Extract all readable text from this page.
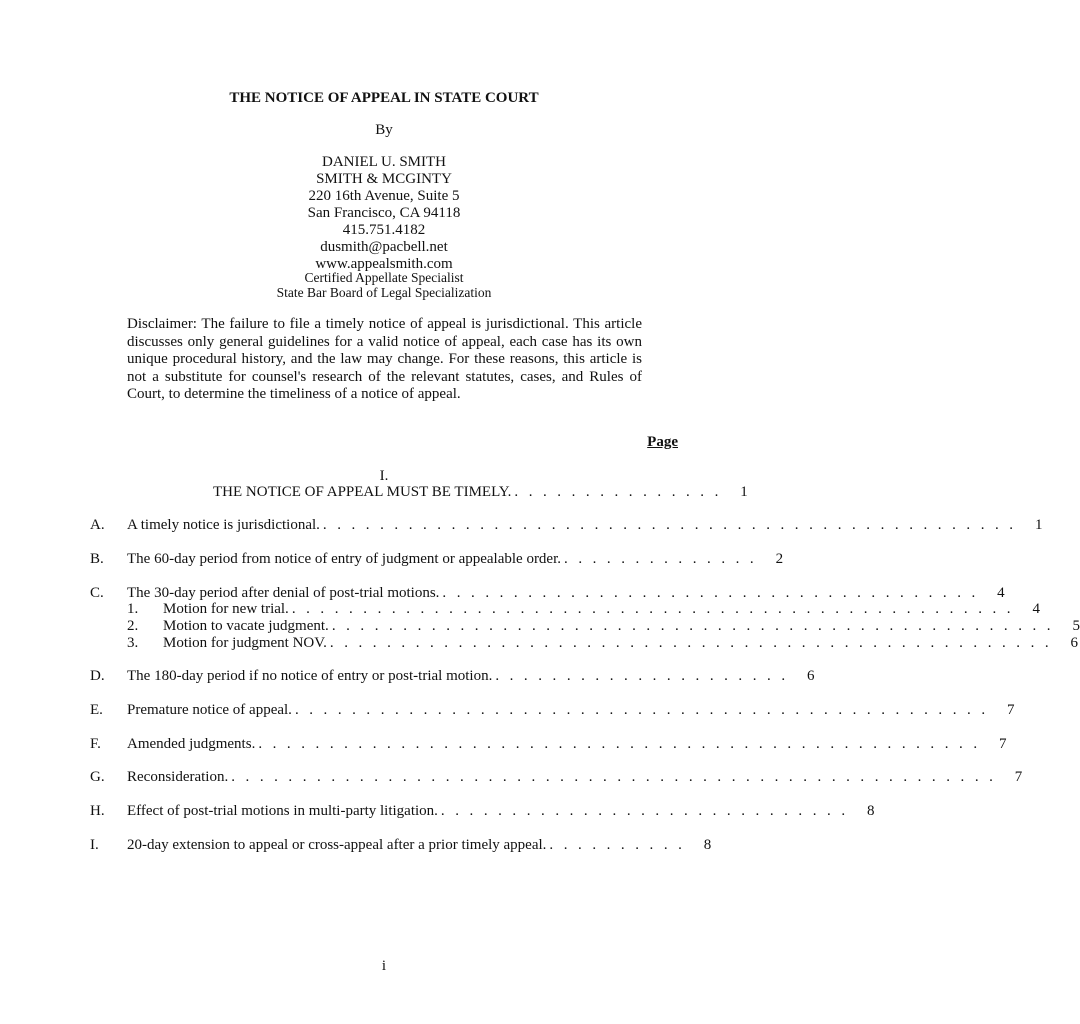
THE NOTICE OF APPEAL IN STATE COURT
By
DANIEL U. SMITH
SMITH & MCGINTY
220 16th Avenue, Suite 5
San Francisco, CA 94118
415.751.4182
dusmith@pacbell.net
www.appealsmith.com
Certified Appellate Specialist
State Bar Board of Legal Specialization
Disclaimer: The failure to file a timely notice of appeal is jurisdictional. This article discusses only general guidelines for a valid notice of appeal, each case has its own unique procedural history, and the law may change. For these reasons, this article is not a substitute for counsel's research of the relevant statutes, cases, and Rules of Court, to determine the timeliness of a notice of appeal.
Page
I.
THE NOTICE OF APPEAL MUST BE TIMELY. . . . . . . . . . . . . . . .	1
A.	A timely notice is jurisdictional. . . . . . . . . . . . . . . . . . . . . . . . . . . . . . . . . . . . . . . . . . . . . . . . . .	1
B.	The 60-day period from notice of entry of judgment or appealable order. . . . . . . . . . . . . . .	2
C.	The 30-day period after denial of post-trial motions. . . . . . . . . . . . . . . . . . . . . . . . . . . . . . . . . . . . . . .	4
1.	Motion for new trial. . . . . . . . . . . . . . . . . . . . . . . . . . . . . . . . . . . . . . . . . . . . . . . . . . . .	4
2.	Motion to vacate judgment. . . . . . . . . . . . . . . . . . . . . . . . . . . . . . . . . . . . . . . . . . . . . . . . . . . .	5
3.	Motion for judgment NOV. . . . . . . . . . . . . . . . . . . . . . . . . . . . . . . . . . . . . . . . . . . . . . . . . . . .	6
D.	The 180-day period if no notice of entry or post-trial motion. . . . . . . . . . . . . . . . . . . . . .	6
E.	Premature notice of appeal. . . . . . . . . . . . . . . . . . . . . . . . . . . . . . . . . . . . . . . . . . . . . . . . . .	7
F.	Amended judgments. . . . . . . . . . . . . . . . . . . . . . . . . . . . . . . . . . . . . . . . . . . . . . . . . . . .	7
G.	Reconsideration. . . . . . . . . . . . . . . . . . . . . . . . . . . . . . . . . . . . . . . . . . . . . . . . . . . . . . .	7
H.	Effect of post-trial motions in multi-party litigation. . . . . . . . . . . . . . . . . . . . . . . . . . . . . .	8
I.	20-day extension to appeal or cross-appeal after a prior timely appeal. . . . . . . . . . .	8
i
